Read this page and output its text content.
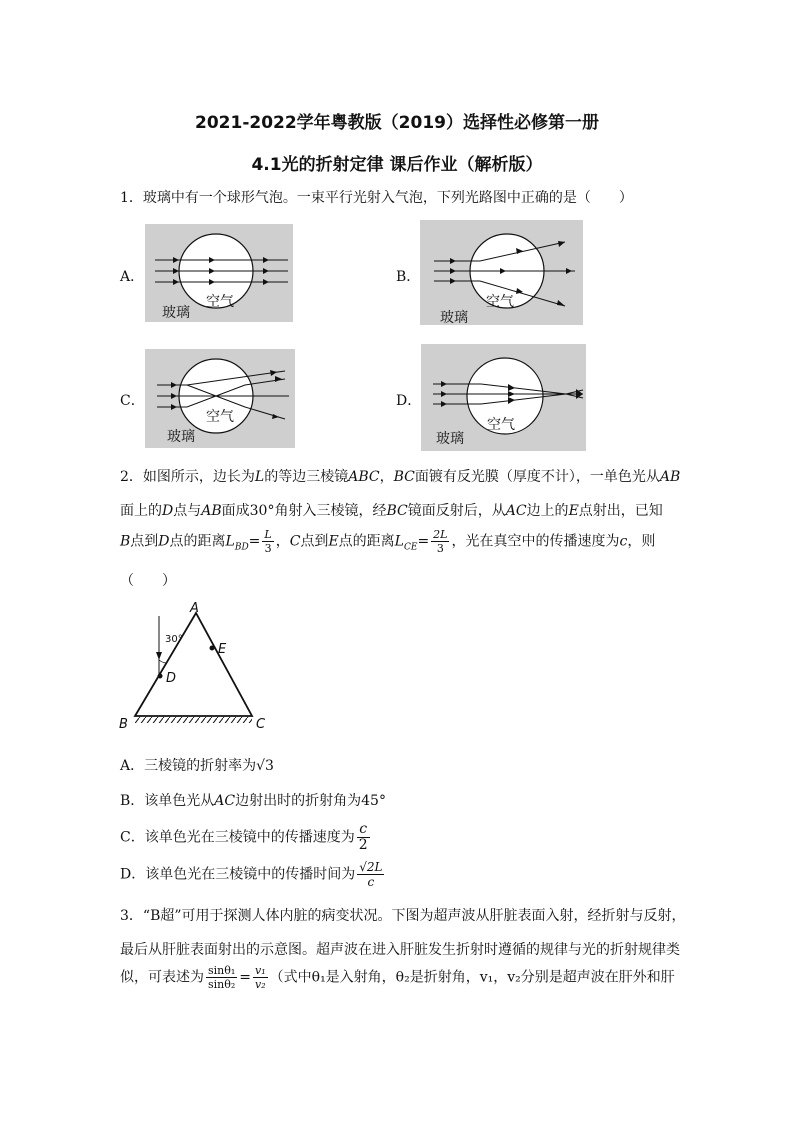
2021-2022学年粤教版（2019）选择性必修第一册
4.1光的折射定律 课后作业（解析版）
1．玻璃中有一个球形气泡。一束平行光射入气泡，下列光路图中正确的是（　　）
A．
空气
玻璃
B．
空气
玻璃
C．
空气
玻璃
D．
空气
玻璃
2．如图所示，边长为L的等边三棱镜ABC，BC面镀有反光膜（厚度不计），一单色光从AB
面上的D点与AB面成30°角射入三棱镜，经BC镜面反射后，从AC边上的E点射出，已知
B点到D点的距离$L_{BD}= \frac{L}{3}$ ，C点到E点的距离$L_{CE}= \frac{2L}{3}$ ，光在真空中的传播速度为c，则
（　　）
A
B	C
D
E
30°
A．三棱镜的折射率为√3
B．该单色光从AC边射出时的折射角为45°
C．该单色光在三棱镜中的传播速度为 $\frac{c}{2}$
D．该单色光在三棱镜中的传播时间为 $\frac{√2L}{c}$
3．“B超”可用于探测人体内脏的病变状况。下图为超声波从肝脏表面入射，经折射与反射，
最后从肝脏表面射出的示意图。超声波在进入肝脏发生折射时遵循的规律与光的折射规律类
似，可表述为 $\frac{\text{sinθ₁}}{\text{sinθ₂}} = \frac{\text{v₁}}{\text{v₂}}$ （式中θ₁是入射角，θ₂是折射角，v₁，v₂分别是超声波在肝外和肝
